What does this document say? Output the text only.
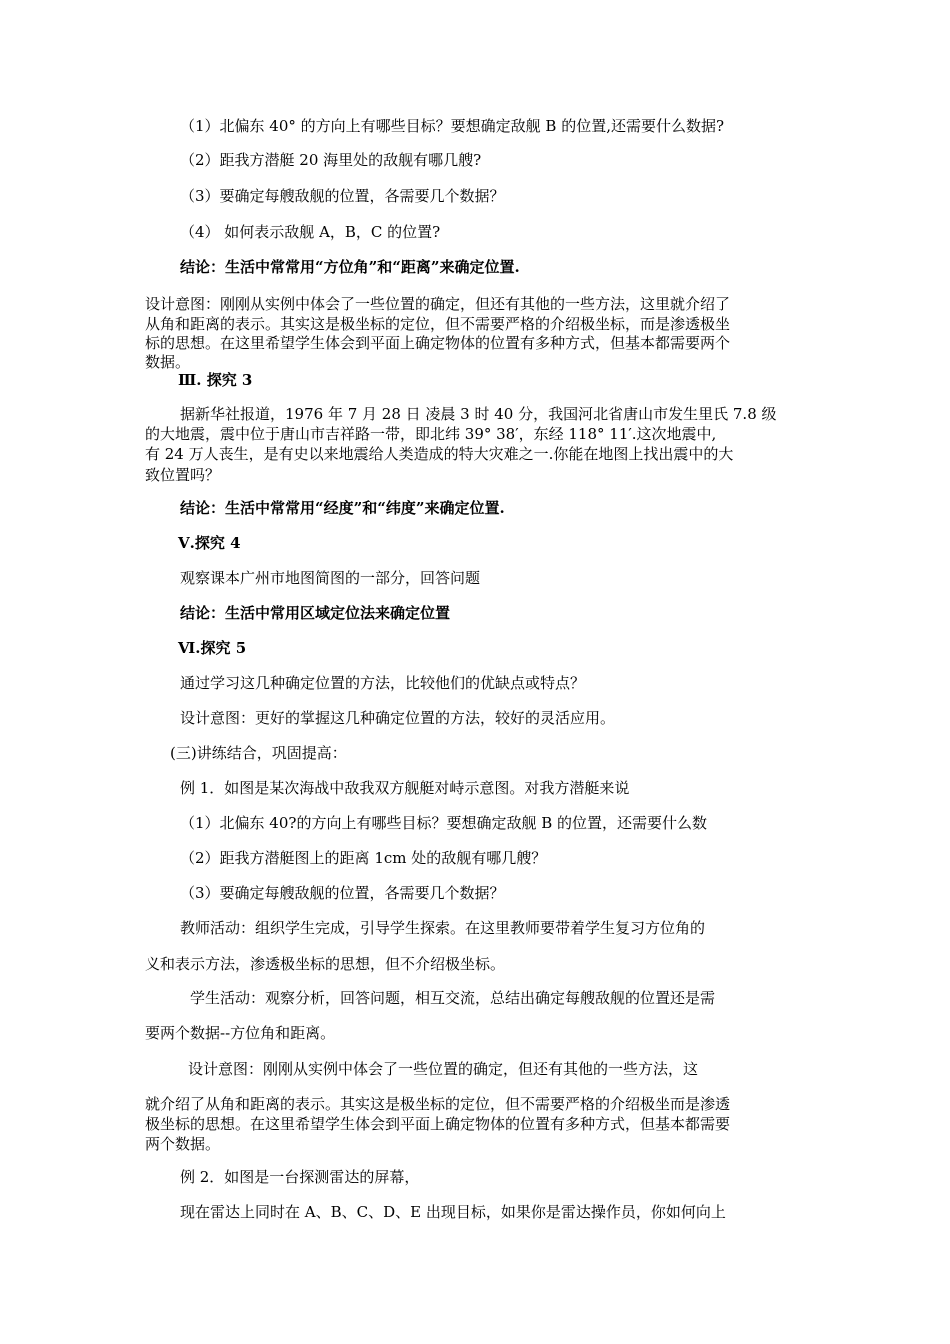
（1）北偏东 40° 的方向上有哪些目标？要想确定敌舰 B 的位置,还需要什么数据?
（2）距我方潜艇 20 海里处的敌舰有哪几艘?
（3）要确定每艘敌舰的位置，各需要几个数据？
（4） 如何表示敌舰 A，B，C 的位置?
结论：生活中常常用“方位角”和“距离”来确定位置.
设计意图：刚刚从实例中体会了一些位置的确定，但还有其他的一些方法，这里就介绍了
从角和距离的表示。其实这是极坐标的定位，但不需要严格的介绍极坐标，而是渗透极坐
标的思想。在这里希望学生体会到平面上确定物体的位置有多种方式，但基本都需要两个
数据。
Ⅲ. 探究 3
据新华社报道，1976 年 7 月 28 日 凌晨 3 时 40 分，我国河北省唐山市发生里氏 7.8 级
的大地震，震中位于唐山市吉祥路一带，即北纬 39° 38′，东经 118° 11′.这次地震中,
有 24 万人丧生，是有史以来地震给人类造成的特大灾难之一.你能在地图上找出震中的大
致位置吗？
结论：生活中常常用“经度”和“纬度”来确定位置.
Ⅴ.探究 4
观察课本广州市地图简图的一部分，回答问题
结论：生活中常用区域定位法来确定位置
Ⅵ.探究 5
通过学习这几种确定位置的方法，比较他们的优缺点或特点？
设计意图：更好的掌握这几种确定位置的方法，较好的灵活应用。
(三)讲练结合，巩固提高：
例 1．如图是某次海战中敌我双方舰艇对峙示意图。对我方潜艇来说
（1）北偏东 40?的方向上有哪些目标？要想确定敌舰 B 的位置，还需要什么数
（2）距我方潜艇图上的距离 1cm 处的敌舰有哪几艘？
（3）要确定每艘敌舰的位置，各需要几个数据？
教师活动：组织学生完成，引导学生探索。在这里教师要带着学生复习方位角的
义和表示方法，渗透极坐标的思想，但不介绍极坐标。
学生活动：观察分析，回答问题，相互交流，总结出确定每艘敌舰的位置还是需
要两个数据--方位角和距离。
设计意图：刚刚从实例中体会了一些位置的确定，但还有其他的一些方法，这
就介绍了从角和距离的表示。其实这是极坐标的定位，但不需要严格的介绍极坐而是渗透
极坐标的思想。在这里希望学生体会到平面上确定物体的位置有多种方式，但基本都需要
两个数据。
例 2．如图是一台探测雷达的屏幕，
现在雷达上同时在 A、B、C、D、E 出现目标，如果你是雷达操作员，你如何向上
